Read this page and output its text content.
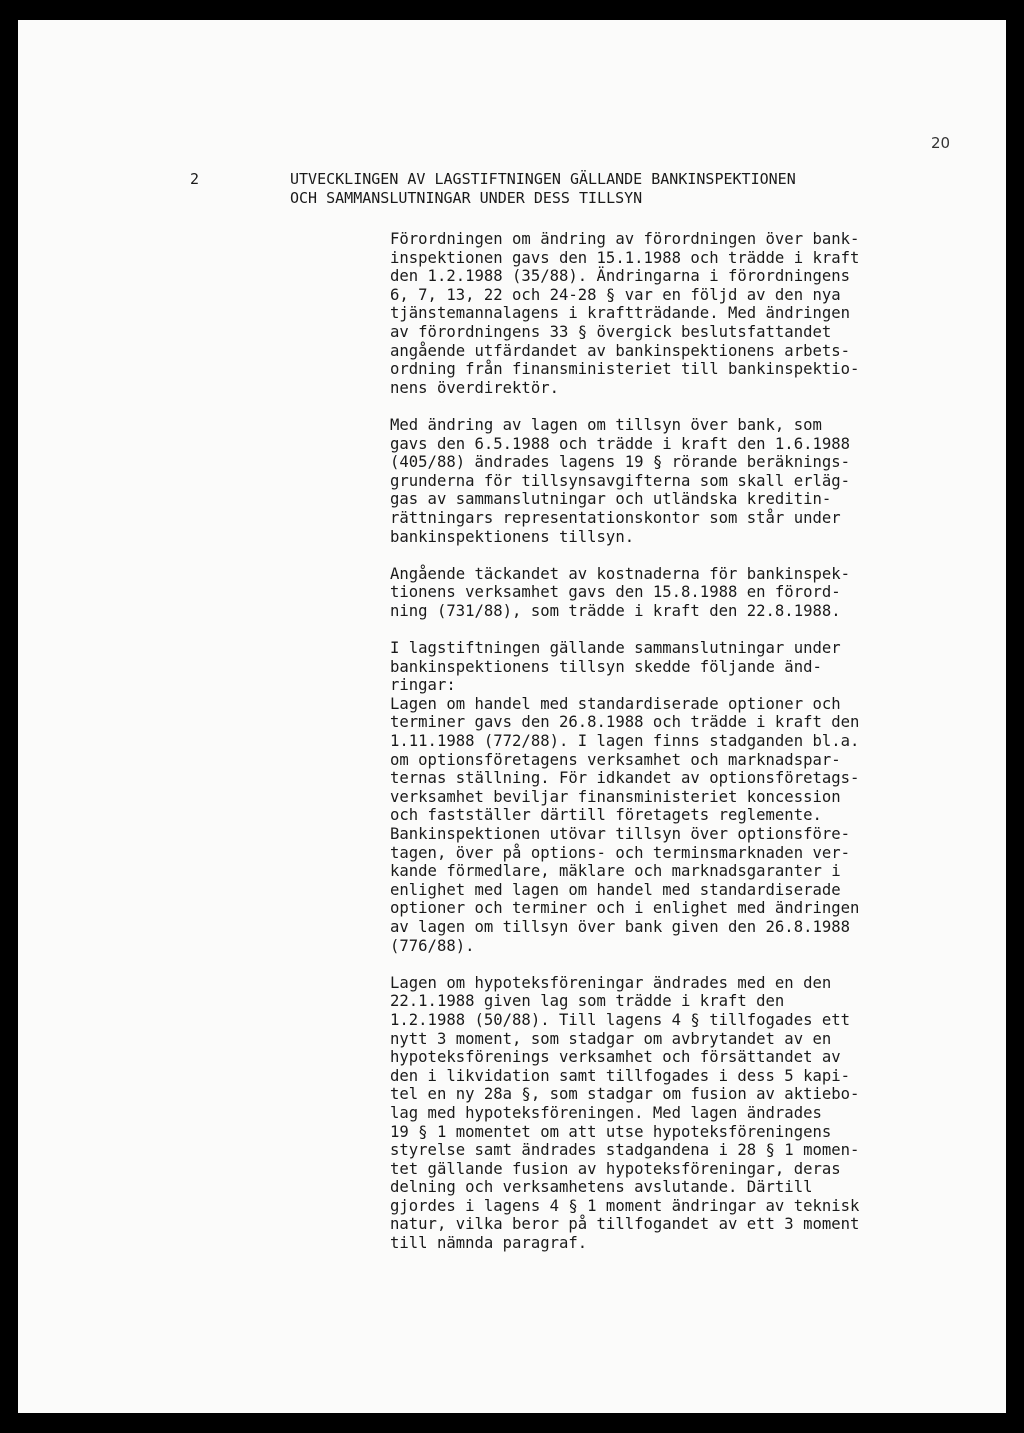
20
2	UTVECKLINGEN AV LAGSTIFTNINGEN GÄLLANDE BANKINSPEKTIONEN
OCH SAMMANSLUTNINGAR UNDER DESS TILLSYN
Förordningen om ändring av förordningen över bank-
inspektionen gavs den 15.1.1988 och trädde i kraft
den 1.2.1988 (35/88). Ändringarna i förordningens
6, 7, 13, 22 och 24-28 § var en följd av den nya
tjänstemannalagens i kraftträdande. Med ändringen
av förordningens 33 § övergick beslutsfattandet
angående utfärdandet av bankinspektionens arbets-
ordning från finansministeriet till bankinspektio-
nens överdirektör.
Med ändring av lagen om tillsyn över bank, som
gavs den 6.5.1988 och trädde i kraft den 1.6.1988
(405/88) ändrades lagens 19 § rörande beräknings-
grunderna för tillsynsavgifterna som skall erläg-
gas av sammanslutningar och utländska kreditin-
rättningars representationskontor som står under
bankinspektionens tillsyn.
Angående täckandet av kostnaderna för bankinspek-
tionens verksamhet gavs den 15.8.1988 en förord-
ning (731/88), som trädde i kraft den 22.8.1988.
I lagstiftningen gällande sammanslutningar under
bankinspektionens tillsyn skedde följande änd-
ringar:
Lagen om handel med standardiserade optioner och
terminer gavs den 26.8.1988 och trädde i kraft den
1.11.1988 (772/88). I lagen finns stadganden bl.a.
om optionsföretagens verksamhet och marknadspar-
ternas ställning. För idkandet av optionsföretags-
verksamhet beviljar finansministeriet koncession
och fastställer därtill företagets reglemente.
Bankinspektionen utövar tillsyn över optionsföre-
tagen, över på options- och terminsmarknaden ver-
kande förmedlare, mäklare och marknadsgaranter i
enlighet med lagen om handel med standardiserade
optioner och terminer och i enlighet med ändringen
av lagen om tillsyn över bank given den 26.8.1988
(776/88).
Lagen om hypoteksföreningar ändrades med en den
22.1.1988 given lag som trädde i kraft den
1.2.1988 (50/88). Till lagens 4 § tillfogades ett
nytt 3 moment, som stadgar om avbrytandet av en
hypoteksförenings verksamhet och försättandet av
den i likvidation samt tillfogades i dess 5 kapi-
tel en ny 28a §, som stadgar om fusion av aktiebo-
lag med hypoteksföreningen. Med lagen ändrades
19 § 1 momentet om att utse hypoteksföreningens
styrelse samt ändrades stadgandena i 28 § 1 momen-
tet gällande fusion av hypoteksföreningar, deras
delning och verksamhetens avslutande. Därtill
gjordes i lagens 4 § 1 moment ändringar av teknisk
natur, vilka beror på tillfogandet av ett 3 moment
till nämnda paragraf.
